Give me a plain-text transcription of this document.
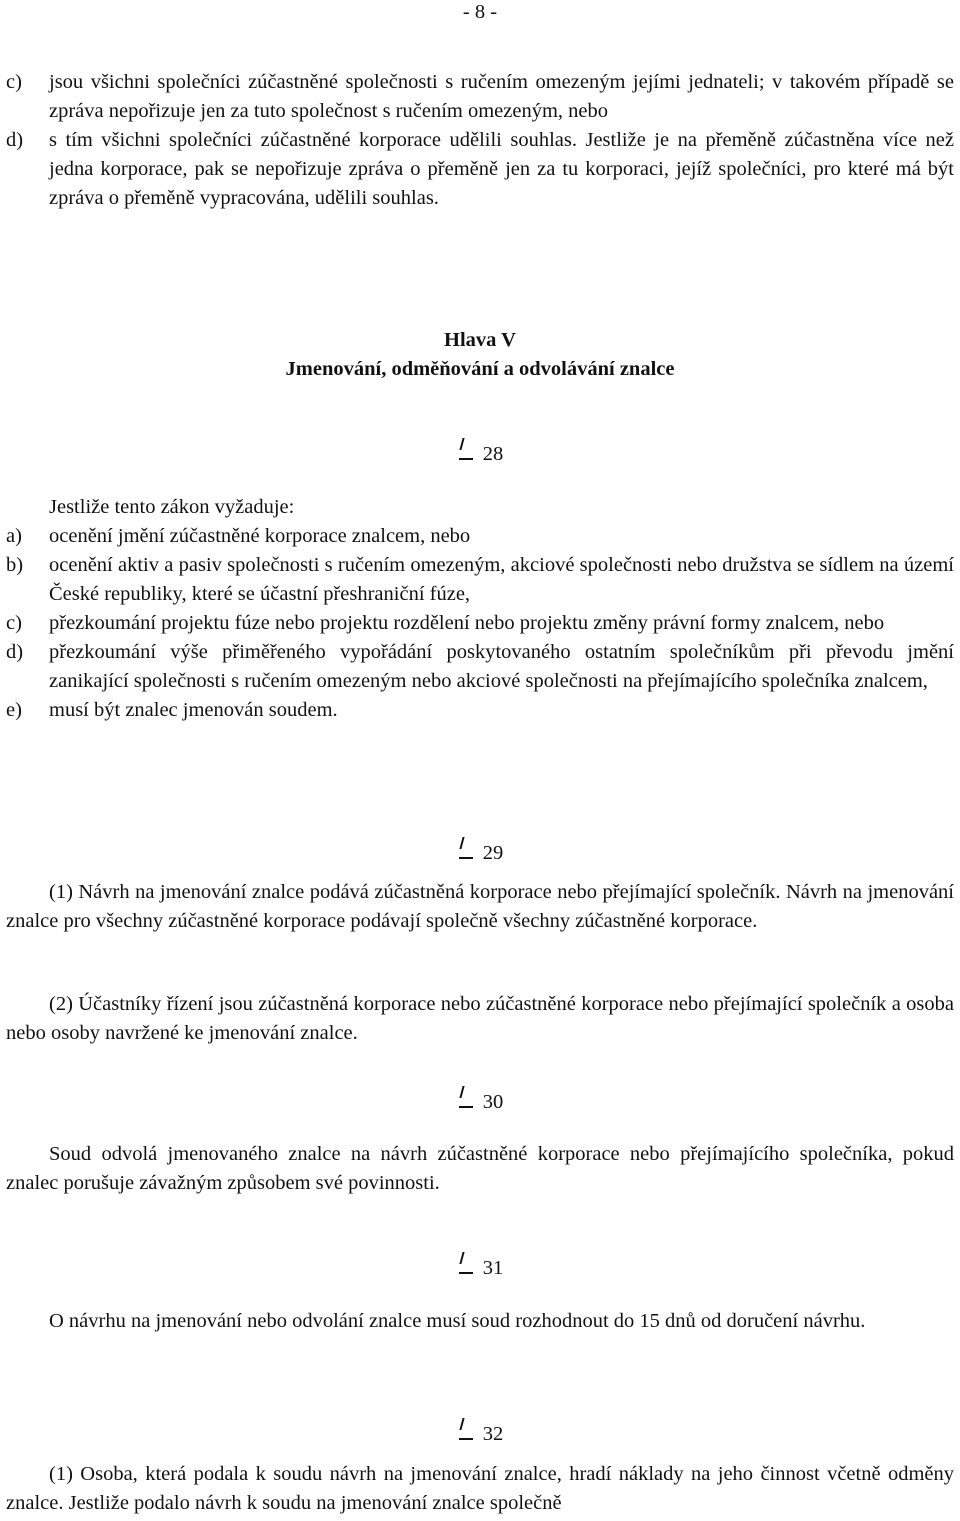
- 8 -
c)	jsou všichni společníci zúčastněné společnosti s ručením omezeným jejími jednateli; v takovém případě se zpráva nepořizuje jen za tuto společnost s ručením omezeným, nebo
d)	s tím všichni společníci zúčastněné korporace udělili souhlas. Jestliže je na přeměně zúčastněna více než jedna korporace, pak se nepořizuje zpráva o přeměně jen za tu korporaci, jejíž společníci, pro které má být zpráva o přeměně vypracována, udělili souhlas.
Hlava V
Jmenování, odměňování a odvolávání znalce
28
Jestliže tento zákon vyžaduje:
a)	ocenění jmění zúčastněné korporace znalcem, nebo
b)	ocenění aktiv a pasiv společnosti s ručením omezeným, akciové společnosti nebo družstva se sídlem na území České republiky, které se účastní přeshraniční fúze,
c)	přezkoumání projektu fúze nebo projektu rozdělení nebo projektu změny právní formy znalcem, nebo
d)	přezkoumání výše přiměřeného vypořádání poskytovaného ostatním společníkům při převodu jmění zanikající společnosti s ručením omezeným nebo akciové společnosti na přejímajícího společníka znalcem,
e)	musí být znalec jmenován soudem.
29
(1) Návrh na jmenování znalce podává zúčastněná korporace nebo přejímající společník. Návrh na jmenování znalce pro všechny zúčastněné korporace podávají společně všechny zúčastněné korporace.
(2) Účastníky řízení jsou zúčastněná korporace nebo zúčastněné korporace nebo přejímající společník a osoba nebo osoby navržené ke jmenování znalce.
30
Soud odvolá jmenovaného znalce na návrh zúčastněné korporace nebo přejímajícího společníka, pokud znalec porušuje závažným způsobem své povinnosti.
31
O návrhu na jmenování nebo odvolání znalce musí soud rozhodnout do 15 dnů od doručení návrhu.
32
(1) Osoba, která podala k soudu návrh na jmenování znalce, hradí náklady na jeho činnost včetně odměny znalce. Jestliže podalo návrh k soudu na jmenování znalce společně
